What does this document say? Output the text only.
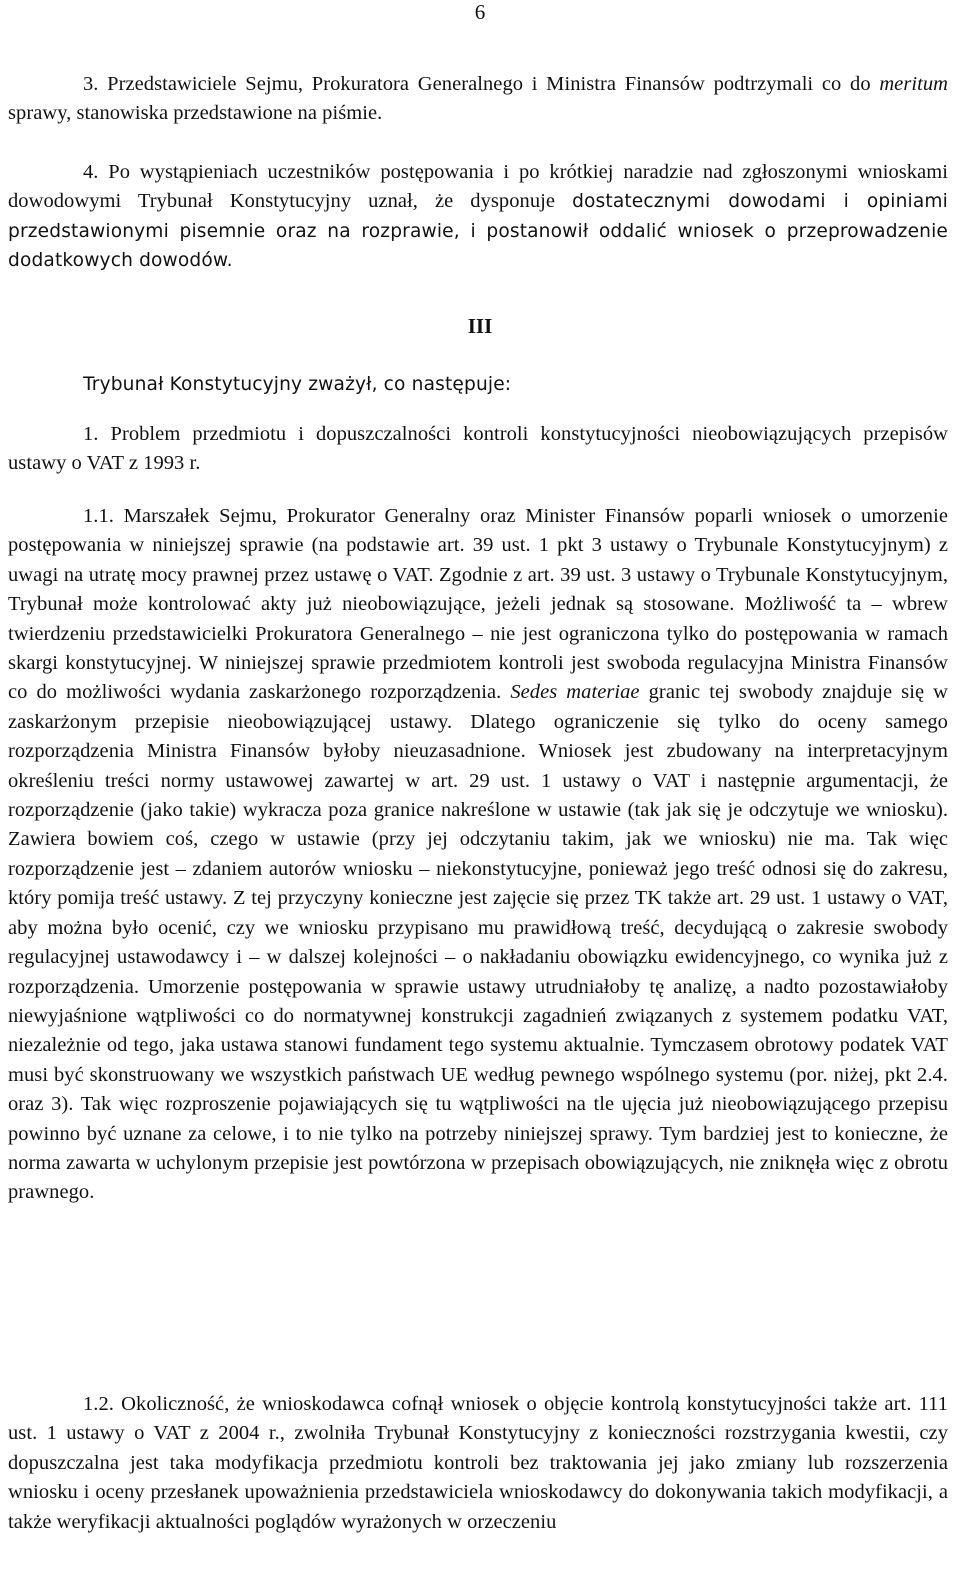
6

3. Przedstawiciele Sejmu, Prokuratora Generalnego i Ministra Finansów podtrzymali co do meritum sprawy, stanowiska przedstawione na piśmie.

4. Po wystąpieniach uczestników postępowania i po krótkiej naradzie nad zgłoszonymi wnioskami dowodowymi Trybunał Konstytucyjny uznał, że dysponuje dostatecznymi dowodami i opiniami przedstawionymi pisemnie oraz na rozprawie, i postanowił oddalić wniosek o przeprowadzenie dodatkowych dowodów.

III
Trybunał Konstytucyjny zważył, co następuje:

1. Problem przedmiotu i dopuszczalności kontroli konstytucyjności nieobowiązujących przepisów ustawy o VAT z 1993 r.

1.1. Marszałek Sejmu, Prokurator Generalny oraz Minister Finansów poparli wniosek o umorzenie postępowania w niniejszej sprawie (na podstawie art. 39 ust. 1 pkt 3 ustawy o Trybunale Konstytucyjnym) z uwagi na utratę mocy prawnej przez ustawę o VAT. Zgodnie z art. 39 ust. 3 ustawy o Trybunale Konstytucyjnym, Trybunał może kontrolować akty już nieobowiązujące, jeżeli jednak są stosowane. Możliwość ta – wbrew twierdzeniu przedstawicielki Prokuratora Generalnego – nie jest ograniczona tylko do postępowania w ramach skargi konstytucyjnej. W niniejszej sprawie przedmiotem kontroli jest swoboda regulacyjna Ministra Finansów co do możliwości wydania zaskarżonego rozporządzenia. Sedes materiae granic tej swobody znajduje się w zaskarżonym przepisie nieobowiązującej ustawy. Dlatego ograniczenie się tylko do oceny samego rozporządzenia Ministra Finansów byłoby nieuzasadnione. Wniosek jest zbudowany na interpretacyjnym określeniu treści normy ustawowej zawartej w art. 29 ust. 1 ustawy o VAT i następnie argumentacji, że rozporządzenie (jako takie) wykracza poza granice nakreślone w ustawie (tak jak się je odczytuje we wniosku). Zawiera bowiem coś, czego w ustawie (przy jej odczytaniu takim, jak we wniosku) nie ma. Tak więc rozporządzenie jest – zdaniem autorów wniosku – niekonstytucyjne, ponieważ jego treść odnosi się do zakresu, który pomija treść ustawy. Z tej przyczyny konieczne jest zajęcie się przez TK także art. 29 ust. 1 ustawy o VAT, aby można było ocenić, czy we wniosku przypisano mu prawidłową treść, decydującą o zakresie swobody regulacyjnej ustawodawcy i – w dalszej kolejności – o nakładaniu obowiązku ewidencyjnego, co wynika już z rozporządzenia. Umorzenie postępowania w sprawie ustawy utrudniałoby tę analizę, a nadto pozostawiałoby niewyjaśnione wątpliwości co do normatywnej konstrukcji zagadnień związanych z systemem podatku VAT, niezależnie od tego, jaka ustawa stanowi fundament tego systemu aktualnie. Tymczasem obrotowy podatek VAT musi być skonstruowany we wszystkich państwach UE według pewnego wspólnego systemu (por. niżej, pkt 2.4. oraz 3). Tak więc rozproszenie pojawiających się tu wątpliwości na tle ujęcia już nieobowiązującego przepisu powinno być uznane za celowe, i to nie tylko na potrzeby niniejszej sprawy. Tym bardziej jest to konieczne, że norma zawarta w uchylonym przepisie jest powtórzona w przepisach obowiązujących, nie zniknęła więc z obrotu prawnego.

1.2. Okoliczność, że wnioskodawca cofnął wniosek o objęcie kontrolą konstytucyjności także art. 111 ust. 1 ustawy o VAT z 2004 r., zwolniła Trybunał Konstytucyjny z konieczności rozstrzygania kwestii, czy dopuszczalna jest taka modyfikacja przedmiotu kontroli bez traktowania jej jako zmiany lub rozszerzenia wniosku i oceny przesłanek upoważnienia przedstawiciela wnioskodawcy do dokonywania takich modyfikacji, a także weryfikacji aktualności poglądów wyrażonych w orzeczeniu
